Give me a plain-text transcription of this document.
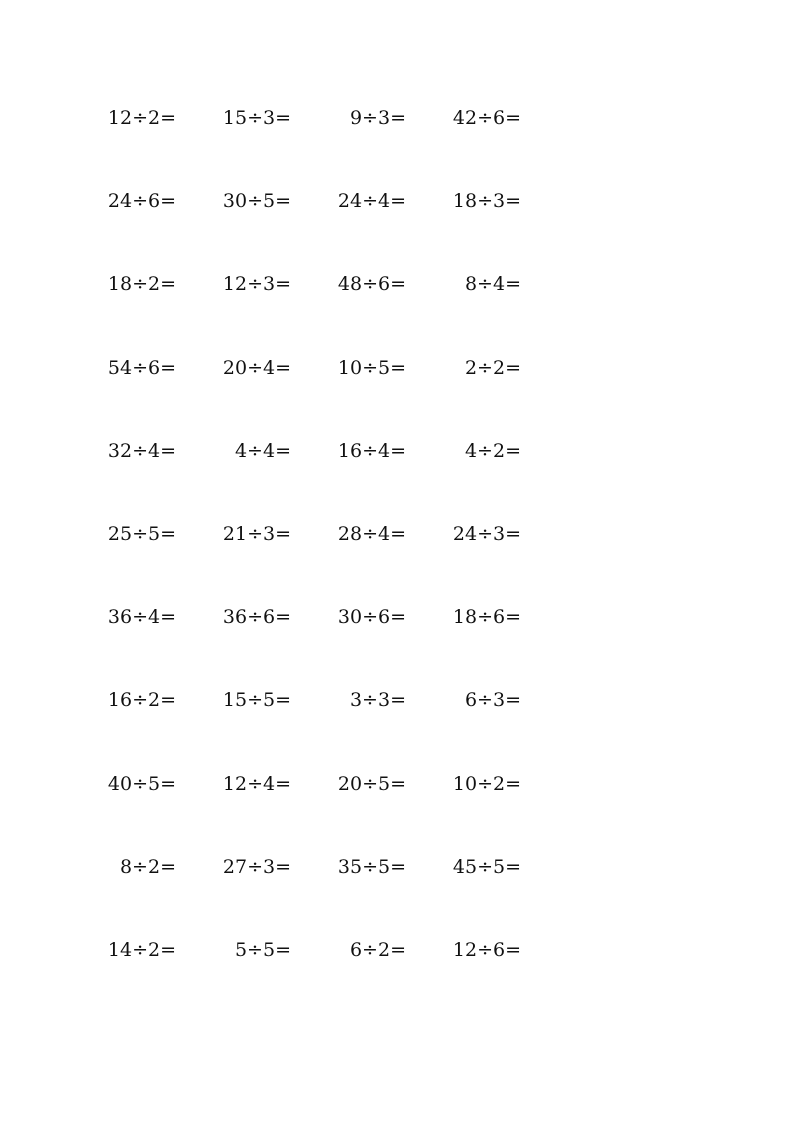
12÷2=	15÷3=	9÷3=	42÷6=
24÷6=	30÷5=	24÷4=	18÷3=
18÷2=	12÷3=	48÷6=	8÷4=
54÷6=	20÷4=	10÷5=	2÷2=
32÷4=	4÷4=	16÷4=	4÷2=
25÷5=	21÷3=	28÷4=	24÷3=
36÷4=	36÷6=	30÷6=	18÷6=
16÷2=	15÷5=	3÷3=	6÷3=
40÷5=	12÷4=	20÷5=	10÷2=
8÷2=	27÷3=	35÷5=	45÷5=
14÷2=	5÷5=	6÷2=	12÷6=
